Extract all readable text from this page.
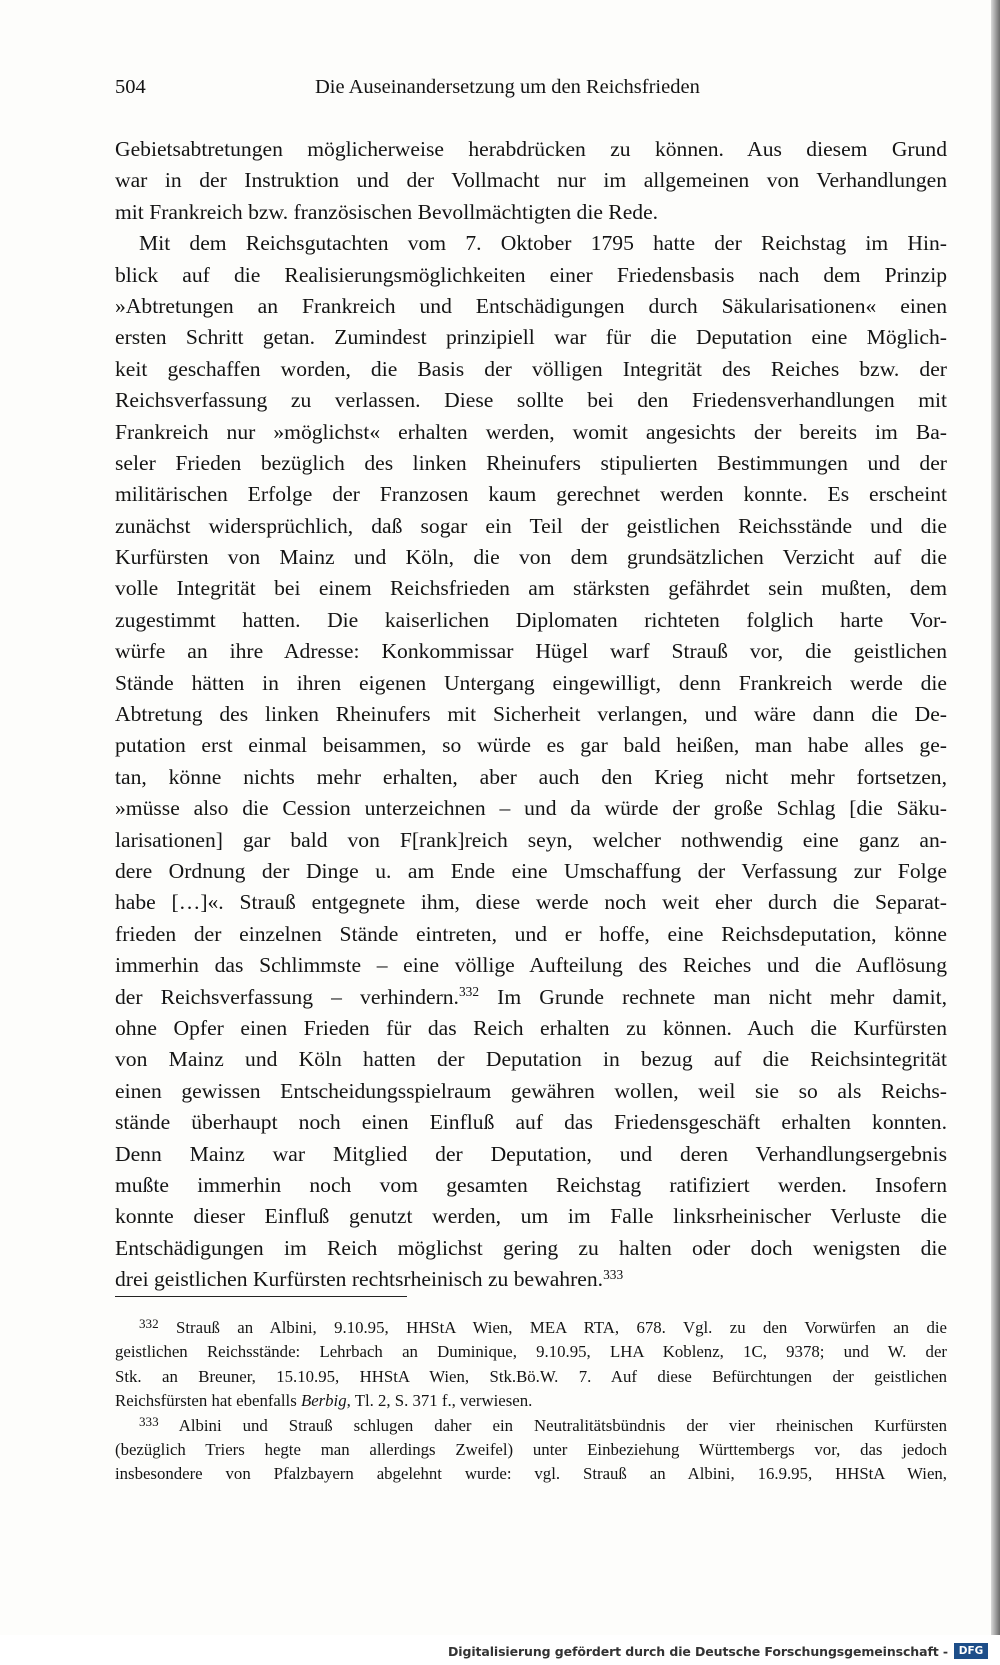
504	Die Auseinandersetzung um den Reichsfrieden
Gebietsabtretungen möglicherweise herabdrücken zu können. Aus diesem Grund
war in der Instruktion und der Vollmacht nur im allgemeinen von Verhandlungen
mit Frankreich bzw. französischen Bevollmächtigten die Rede.
Mit dem Reichsgutachten vom 7. Oktober 1795 hatte der Reichstag im Hin-
blick auf die Realisierungsmöglichkeiten einer Friedensbasis nach dem Prinzip
»Abtretungen an Frankreich und Entschädigungen durch Säkularisationen« einen
ersten Schritt getan. Zumindest prinzipiell war für die Deputation eine Möglich-
keit geschaffen worden, die Basis der völligen Integrität des Reiches bzw. der
Reichsverfassung zu verlassen. Diese sollte bei den Friedensverhandlungen mit
Frankreich nur »möglichst« erhalten werden, womit angesichts der bereits im Ba-
seler Frieden bezüglich des linken Rheinufers stipulierten Bestimmungen und der
militärischen Erfolge der Franzosen kaum gerechnet werden konnte. Es erscheint
zunächst widersprüchlich, daß sogar ein Teil der geistlichen Reichsstände und die
Kurfürsten von Mainz und Köln, die von dem grundsätzlichen Verzicht auf die
volle Integrität bei einem Reichsfrieden am stärksten gefährdet sein mußten, dem
zugestimmt hatten. Die kaiserlichen Diplomaten richteten folglich harte Vor-
würfe an ihre Adresse: Konkommissar Hügel warf Strauß vor, die geistlichen
Stände hätten in ihren eigenen Untergang eingewilligt, denn Frankreich werde die
Abtretung des linken Rheinufers mit Sicherheit verlangen, und wäre dann die De-
putation erst einmal beisammen, so würde es gar bald heißen, man habe alles ge-
tan, könne nichts mehr erhalten, aber auch den Krieg nicht mehr fortsetzen,
»müsse also die Cession unterzeichnen – und da würde der große Schlag [die Säku-
larisationen] gar bald von F[rank]reich seyn, welcher nothwendig eine ganz an-
dere Ordnung der Dinge u. am Ende eine Umschaffung der Verfassung zur Folge
habe […]«. Strauß entgegnete ihm, diese werde noch weit eher durch die Separat-
frieden der einzelnen Stände eintreten, und er hoffe, eine Reichsdeputation, könne
immerhin das Schlimmste – eine völlige Aufteilung des Reiches und die Auflösung
der Reichsverfassung – verhindern.$^{332}$ Im Grunde rechnete man nicht mehr damit,
ohne Opfer einen Frieden für das Reich erhalten zu können. Auch die Kurfürsten
von Mainz und Köln hatten der Deputation in bezug auf die Reichsintegrität
einen gewissen Entscheidungsspielraum gewähren wollen, weil sie so als Reichs-
stände überhaupt noch einen Einfluß auf das Friedensgeschäft erhalten konnten.
Denn Mainz war Mitglied der Deputation, und deren Verhandlungsergebnis
mußte immerhin noch vom gesamten Reichstag ratifiziert werden. Insofern
konnte dieser Einfluß genutzt werden, um im Falle linksrheinischer Verluste die
Entschädigungen im Reich möglichst gering zu halten oder doch wenigsten die
drei geistlichen Kurfürsten rechtsrheinisch zu bewahren.$^{333}$
$^{332}$ Strauß an Albini, 9.10.95, HHStA Wien, MEA RTA, 678. Vgl. zu den Vorwürfen an die
geistlichen Reichsstände: Lehrbach an Duminique, 9.10.95, LHA Koblenz, 1C, 9378; und W. der
Stk. an Breuner, 15.10.95, HHStA Wien, Stk.Bö.W. 7. Auf diese Befürchtungen der geistlichen
Reichsfürsten hat ebenfalls Berbig, Tl. 2, S. 371 f., verwiesen.
$^{333}$ Albini und Strauß schlugen daher ein Neutralitätsbündnis der vier rheinischen Kurfürsten
(bezüglich Triers hegte man allerdings Zweifel) unter Einbeziehung Württembergs vor, das jedoch
insbesondere von Pfalzbayern abgelehnt wurde: vgl. Strauß an Albini, 16.9.95, HHStA Wien,
Digitalisierung gefördert durch die Deutsche Forschungsgemeinschaft -	DFG
